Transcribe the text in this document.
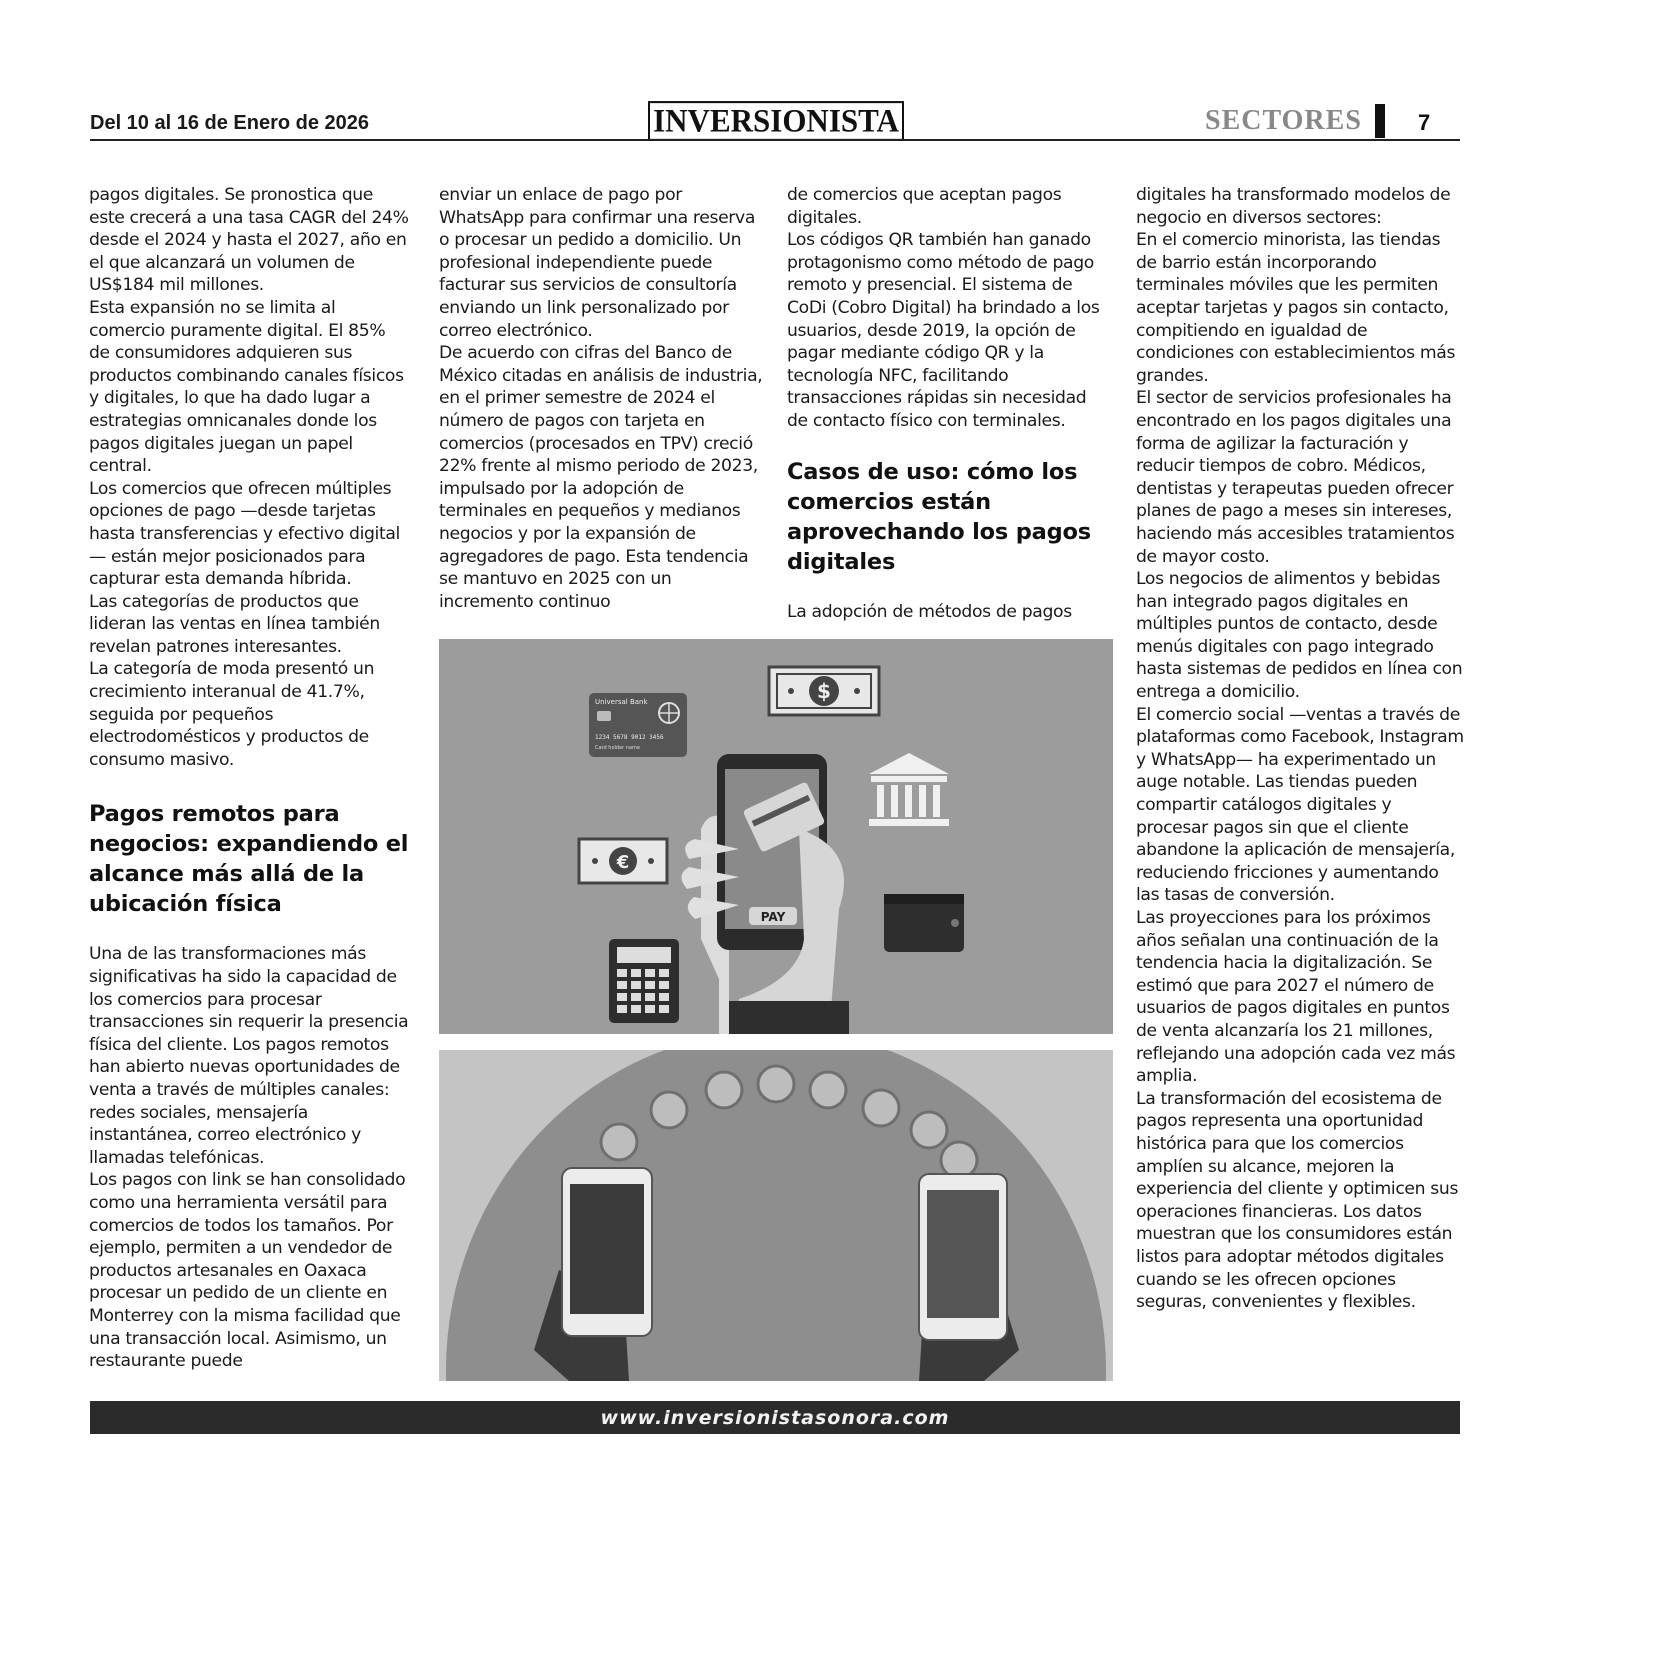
Del 10 al 16 de Enero de 2026	INVERSIONISTA	SECTORES	7

pagos digitales. Se pronostica que este crecerá a una tasa CAGR del 24% desde el 2024 y hasta el 2027, año en el que alcanzará un volumen de US$184 mil millones.

Esta expansión no se limita al comercio puramente digital. El 85% de consumidores adquieren sus productos combinando canales físicos y digitales, lo que ha dado lugar a estrategias omnicanales donde los pagos digitales juegan un papel central.

Los comercios que ofrecen múltiples opciones de pago —desde tarjetas hasta transferencias y efectivo digital— están mejor posicionados para capturar esta demanda híbrida.

Las categorías de productos que lideran las ventas en línea también revelan patrones interesantes.

La categoría de moda presentó un crecimiento interanual de 41.7%, seguida por pequeños electrodomésticos y productos de consumo masivo.

Pagos remotos para negocios: expandiendo el alcance más allá de la ubicación física

Una de las transformaciones más significativas ha sido la capacidad de los comercios para procesar transacciones sin requerir la presencia física del cliente. Los pagos remotos han abierto nuevas oportunidades de venta a través de múltiples canales: redes sociales, mensajería instantánea, correo electrónico y llamadas telefónicas.

Los pagos con link se han consolidado como una herramienta versátil para comercios de todos los tamaños. Por ejemplo, permiten a un vendedor de productos artesanales en Oaxaca procesar un pedido de un cliente en Monterrey con la misma facilidad que una transacción local. Asimismo, un restaurante puede

enviar un enlace de pago por WhatsApp para confirmar una reserva o procesar un pedido a domicilio. Un profesional independiente puede facturar sus servicios de consultoría enviando un link personalizado por correo electrónico.

De acuerdo con cifras del Banco de México citadas en análisis de industria, en el primer semestre de 2024 el número de pagos con tarjeta en comercios (procesados en TPV) creció 22% frente al mismo periodo de 2023, impulsado por la adopción de terminales en pequeños y medianos negocios y por la expansión de agregadores de pago. Esta tendencia se mantuvo en 2025 con un incremento continuo

de comercios que aceptan pagos digitales.

Los códigos QR también han ganado protagonismo como método de pago remoto y presencial. El sistema de CoDi (Cobro Digital) ha brindado a los usuarios, desde 2019, la opción de pagar mediante código QR y la tecnología NFC, facilitando transacciones rápidas sin necesidad de contacto físico con terminales.

Casos de uso: cómo los comercios están aprovechando los pagos digitales

La adopción de métodos de pagos

digitales ha transformado modelos de negocio en diversos sectores:

En el comercio minorista, las tiendas de barrio están incorporando terminales móviles que les permiten aceptar tarjetas y pagos sin contacto, compitiendo en igualdad de condiciones con establecimientos más grandes.

El sector de servicios profesionales ha encontrado en los pagos digitales una forma de agilizar la facturación y reducir tiempos de cobro. Médicos, dentistas y terapeutas pueden ofrecer planes de pago a meses sin intereses, haciendo más accesibles tratamientos de mayor costo.

Los negocios de alimentos y bebidas han integrado pagos digitales en múltiples puntos de contacto, desde menús digitales con pago integrado hasta sistemas de pedidos en línea con entrega a domicilio.

El comercio social —ventas a través de plataformas como Facebook, Instagram y WhatsApp— ha experimentado un auge notable. Las tiendas pueden compartir catálogos digitales y procesar pagos sin que el cliente abandone la aplicación de mensajería, reduciendo fricciones y aumentando las tasas de conversión.

Las proyecciones para los próximos años señalan una continuación de la tendencia hacia la digitalización. Se estimó que para 2027 el número de usuarios de pagos digitales en puntos de venta alcanzaría los 21 millones, reflejando una adopción cada vez más amplia.

La transformación del ecosistema de pagos representa una oportunidad histórica para que los comercios amplíen su alcance, mejoren la experiencia del cliente y optimicen sus operaciones financieras. Los datos muestran que los consumidores están listos para adoptar métodos digitales cuando se les ofrecen opciones seguras, convenientes y flexibles.

Universal Bank
1234 5678 9012 3456
Card holder name
$
€
PAY
www.inversionistasonora.com
